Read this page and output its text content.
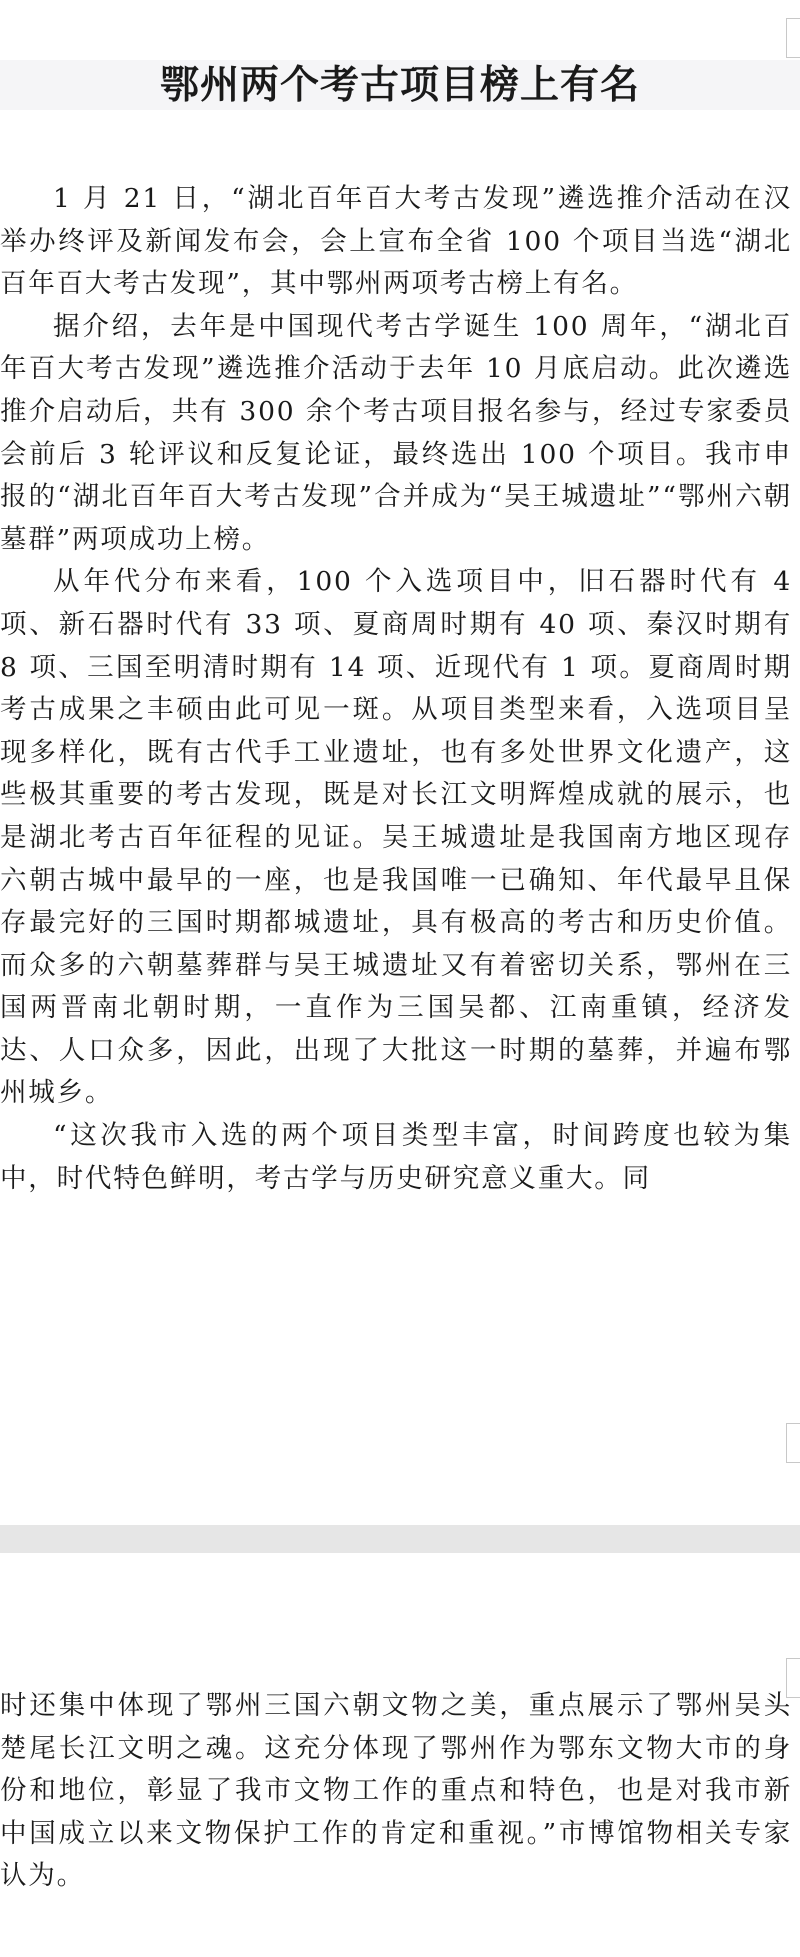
鄂州两个考古项目榜上有名

1 月 21 日，“湖北百年百大考古发现”遴选推介活动在汉举办终评及新闻发布会，会上宣布全省 100 个项目当选“湖北百年百大考古发现”，其中鄂州两项考古榜上有名。

据介绍，去年是中国现代考古学诞生 100 周年，“湖北百年百大考古发现”遴选推介活动于去年 10 月底启动。此次遴选推介启动后，共有 300 余个考古项目报名参与，经过专家委员会前后 3 轮评议和反复论证，最终选出 100 个项目。我市申报的“湖北百年百大考古发现”合并成为“吴王城遗址”“鄂州六朝墓群”两项成功上榜。

从年代分布来看，100 个入选项目中，旧石器时代有 4 项、新石器时代有 33 项、夏商周时期有 40 项、秦汉时期有 8 项、三国至明清时期有 14 项、近现代有 1 项。夏商周时期考古成果之丰硕由此可见一斑。从项目类型来看，入选项目呈现多样化，既有古代手工业遗址，也有多处世界文化遗产，这些极其重要的考古发现，既是对长江文明辉煌成就的展示，也是湖北考古百年征程的见证。吴王城遗址是我国南方地区现存六朝古城中最早的一座，也是我国唯一已确知、年代最早且保存最完好的三国时期都城遗址，具有极高的考古和历史价值。而众多的六朝墓葬群与吴王城遗址又有着密切关系，鄂州在三国两晋南北朝时期，一直作为三国吴都、江南重镇，经济发达、人口众多，因此，出现了大批这一时期的墓葬，并遍布鄂州城乡。

“这次我市入选的两个项目类型丰富，时间跨度也较为集中，时代特色鲜明，考古学与历史研究意义重大。同

时还集中体现了鄂州三国六朝文物之美，重点展示了鄂州吴头楚尾长江文明之魂。这充分体现了鄂州作为鄂东文物大市的身份和地位，彰显了我市文物工作的重点和特色，也是对我市新中国成立以来文物保护工作的肯定和重视。”市博馆物相关专家认为。
